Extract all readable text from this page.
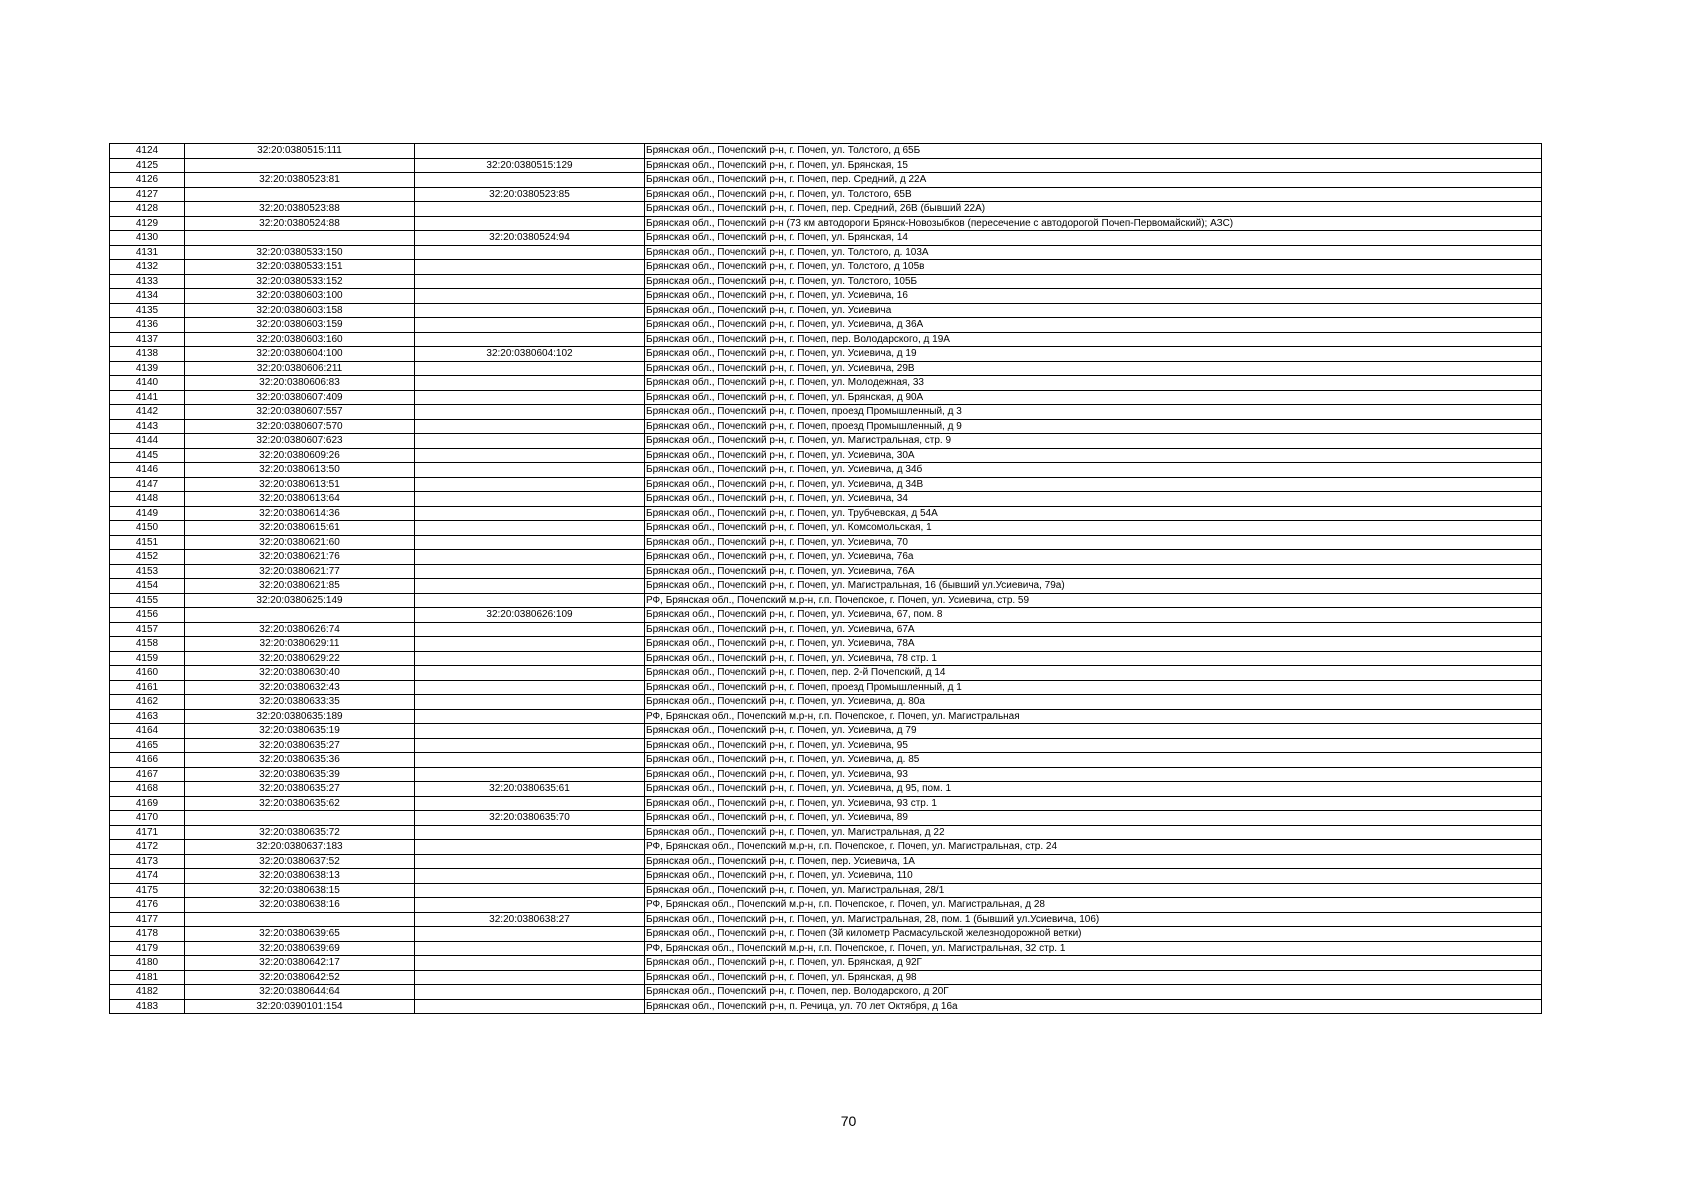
4124	32:20:0380515:111		Брянская обл., Почепский р-н, г. Почеп, ул. Толстого, д 65Б
4125		32:20:0380515:129	Брянская обл., Почепский р-н, г. Почеп, ул. Брянская, 15
4126	32:20:0380523:81		Брянская обл., Почепский р-н, г. Почеп, пер. Средний, д 22А
4127		32:20:0380523:85	Брянская обл., Почепский р-н, г. Почеп, ул. Толстого, 65В
4128	32:20:0380523:88		Брянская обл., Почепский р-н, г. Почеп, пер. Средний, 26В (бывший 22А)
4129	32:20:0380524:88		Брянская обл., Почепский р-н (73 км автодороги Брянск-Новозыбков (пересечение с автодорогой Почеп-Первомайский); АЗС)
4130		32:20:0380524:94	Брянская обл., Почепский р-н, г. Почеп, ул. Брянская, 14
4131	32:20:0380533:150		Брянская обл., Почепский р-н, г. Почеп, ул. Толстого, д. 103А
4132	32:20:0380533:151		Брянская обл., Почепский р-н, г. Почеп, ул. Толстого, д 105в
4133	32:20:0380533:152		Брянская обл., Почепский р-н, г. Почеп, ул. Толстого, 105Б
4134	32:20:0380603:100		Брянская обл., Почепский р-н, г. Почеп, ул. Усиевича, 16
4135	32:20:0380603:158		Брянская обл., Почепский р-н, г. Почеп, ул. Усиевича
4136	32:20:0380603:159		Брянская обл., Почепский р-н, г. Почеп, ул. Усиевича, д 36А
4137	32:20:0380603:160		Брянская обл., Почепский р-н, г. Почеп, пер. Володарского, д 19А
4138	32:20:0380604:100	32:20:0380604:102	Брянская обл., Почепский р-н, г. Почеп, ул. Усиевича, д 19
4139	32:20:0380606:211		Брянская обл., Почепский р-н, г. Почеп, ул. Усиевича, 29В
4140	32:20:0380606:83		Брянская обл., Почепский р-н, г. Почеп, ул. Молодежная, 33
4141	32:20:0380607:409		Брянская обл., Почепский р-н, г. Почеп, ул. Брянская, д 90А
4142	32:20:0380607:557		Брянская обл., Почепский р-н, г. Почеп, проезд Промышленный, д 3
4143	32:20:0380607:570		Брянская обл., Почепский р-н, г. Почеп, проезд Промышленный, д 9
4144	32:20:0380607:623		Брянская обл., Почепский р-н, г. Почеп, ул. Магистральная, стр. 9
4145	32:20:0380609:26		Брянская обл., Почепский р-н, г. Почеп, ул. Усиевича, 30А
4146	32:20:0380613:50		Брянская обл., Почепский р-н, г. Почеп, ул. Усиевича, д 34б
4147	32:20:0380613:51		Брянская обл., Почепский р-н, г. Почеп, ул. Усиевича, д 34В
4148	32:20:0380613:64		Брянская обл., Почепский р-н, г. Почеп, ул. Усиевича, 34
4149	32:20:0380614:36		Брянская обл., Почепский р-н, г. Почеп, ул. Трубчевская, д 54А
4150	32:20:0380615:61		Брянская обл., Почепский р-н, г. Почеп, ул. Комсомольская, 1
4151	32:20:0380621:60		Брянская обл., Почепский р-н, г. Почеп, ул. Усиевича, 70
4152	32:20:0380621:76		Брянская обл., Почепский р-н, г. Почеп, ул. Усиевича, 76а
4153	32:20:0380621:77		Брянская обл., Почепский р-н, г. Почеп, ул. Усиевича, 76А
4154	32:20:0380621:85		Брянская обл., Почепский р-н, г. Почеп, ул. Магистральная, 16 (бывший ул.Усиевича, 79а)
4155	32:20:0380625:149		РФ, Брянская обл., Почепский м.р-н, г.п. Почепское, г. Почеп, ул. Усиевича, стр. 59
4156		32:20:0380626:109	Брянская обл., Почепский р-н, г. Почеп, ул. Усиевича, 67, пом. 8
4157	32:20:0380626:74		Брянская обл., Почепский р-н, г. Почеп, ул. Усиевича, 67А
4158	32:20:0380629:11		Брянская обл., Почепский р-н, г. Почеп, ул. Усиевича, 78А
4159	32:20:0380629:22		Брянская обл., Почепский р-н, г. Почеп, ул. Усиевича, 78 стр. 1
4160	32:20:0380630:40		Брянская обл., Почепский р-н, г. Почеп, пер. 2-й Почепский, д 14
4161	32:20:0380632:43		Брянская обл., Почепский р-н, г. Почеп, проезд Промышленный, д 1
4162	32:20:0380633:35		Брянская обл., Почепский р-н, г. Почеп, ул. Усиевича, д. 80а
4163	32:20:0380635:189		РФ, Брянская обл., Почепский м.р-н, г.п. Почепское, г. Почеп, ул. Магистральная
4164	32:20:0380635:19		Брянская обл., Почепский р-н, г. Почеп, ул. Усиевича, д 79
4165	32:20:0380635:27		Брянская обл., Почепский р-н, г. Почеп, ул. Усиевича, 95
4166	32:20:0380635:36		Брянская обл., Почепский р-н, г. Почеп, ул. Усиевича, д. 85
4167	32:20:0380635:39		Брянская обл., Почепский р-н, г. Почеп, ул. Усиевича, 93
4168	32:20:0380635:27	32:20:0380635:61	Брянская обл., Почепский р-н, г. Почеп, ул. Усиевича, д 95, пом. 1
4169	32:20:0380635:62		Брянская обл., Почепский р-н, г. Почеп, ул. Усиевича, 93 стр. 1
4170		32:20:0380635:70	Брянская обл., Почепский р-н, г. Почеп, ул. Усиевича, 89
4171	32:20:0380635:72		Брянская обл., Почепский р-н, г. Почеп, ул. Магистральная, д 22
4172	32:20:0380637:183		РФ, Брянская обл., Почепский м.р-н, г.п. Почепское, г. Почеп, ул. Магистральная, стр. 24
4173	32:20:0380637:52		Брянская обл., Почепский р-н, г. Почеп, пер. Усиевича, 1А
4174	32:20:0380638:13		Брянская обл., Почепский р-н, г. Почеп, ул. Усиевича, 110
4175	32:20:0380638:15		Брянская обл., Почепский р-н, г. Почеп, ул. Магистральная, 28/1
4176	32:20:0380638:16		РФ, Брянская обл., Почепский м.р-н, г.п. Почепское, г. Почеп, ул. Магистральная, д 28
4177		32:20:0380638:27	Брянская обл., Почепский р-н, г. Почеп, ул. Магистральная, 28, пом. 1 (бывший ул.Усиевича, 106)
4178	32:20:0380639:65		Брянская обл., Почепский р-н, г. Почеп (3й километр Расмасульской железнодорожной ветки)
4179	32:20:0380639:69		РФ, Брянская обл., Почепский м.р-н, г.п. Почепское, г. Почеп, ул. Магистральная, 32 стр. 1
4180	32:20:0380642:17		Брянская обл., Почепский р-н, г. Почеп, ул. Брянская, д 92Г
4181	32:20:0380642:52		Брянская обл., Почепский р-н, г. Почеп, ул. Брянская, д 98
4182	32:20:0380644:64		Брянская обл., Почепский р-н, г. Почеп, пер. Володарского, д 20Г
4183	32:20:0390101:154		Брянская обл., Почепский р-н, п. Речица, ул. 70 лет Октября, д 16а
70
